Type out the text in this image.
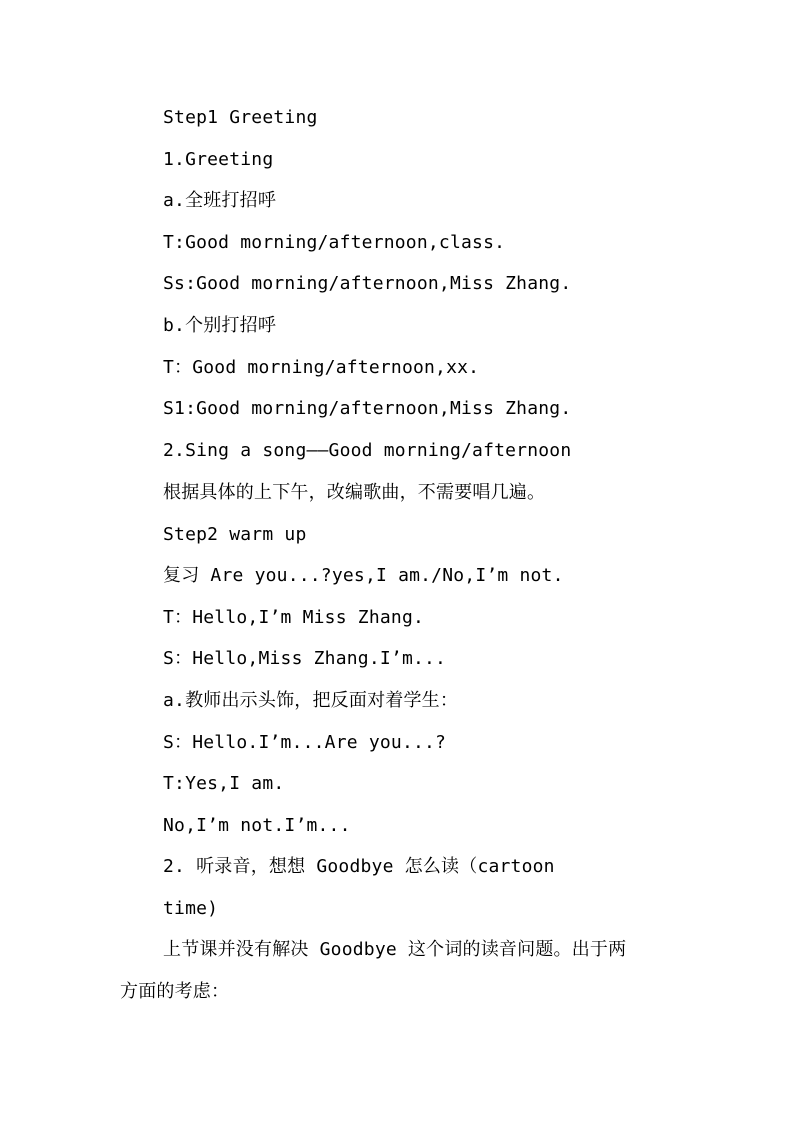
Step1 Greeting
1.Greeting
a.全班打招呼
T:Good morning/afternoon,class.
Ss:Good morning/afternoon,Miss Zhang.
b.个别打招呼
T：Good morning/afternoon,xx.
S1:Good morning/afternoon,Miss Zhang.
2.Sing a song——Good morning/afternoon
根据具体的上下午，改编歌曲，不需要唱几遍。
Step2 warm up
复习 Are you...?yes,I am./No,I’m not.
T：Hello,I’m Miss Zhang.
S：Hello,Miss Zhang.I’m...
a.教师出示头饰，把反面对着学生：
S：Hello.I’m...Are you...?
T:Yes,I am.
No,I’m not.I’m...
2. 听录音，想想 Goodbye 怎么读（cartoon
time)
上节课并没有解决 Goodbye 这个词的读音问题。出于两
方面的考虑：
